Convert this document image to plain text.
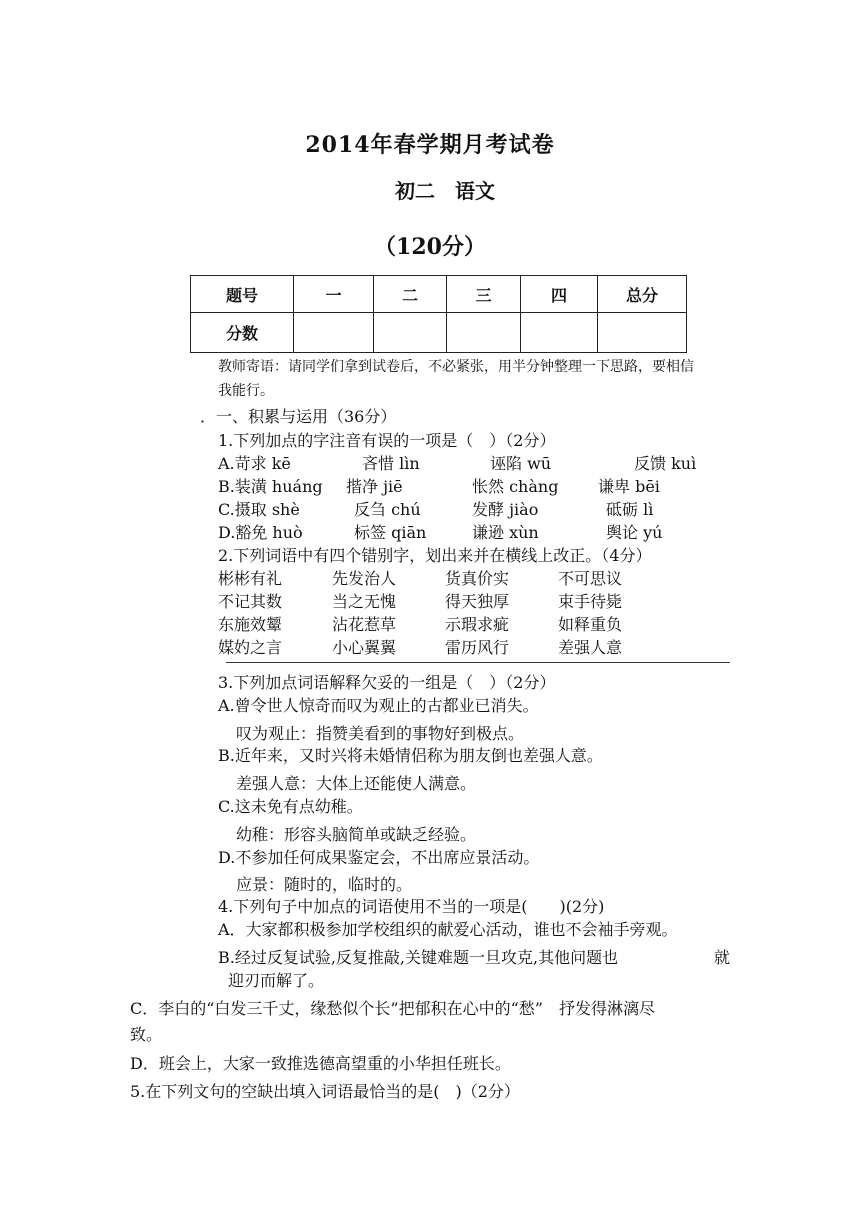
2014年春学期月考试卷
初二　语文
（120分）
题号	一	二	三	四	总分
分数					
教师寄语：请同学们拿到试卷后，不必紧张，用半分钟整理一下思路，要相信
我能行。
．一、积累与运用（36分）
1.下列加点的字注音有误的一项是（　）（2分）
A.苛求 kē	吝惜 lìn	诬陷 wū	反馈 kuì
B.装潢 huáng 揩净 jiē	怅然 chàng 谦卑 bēi
C.摄取 shè	反刍 chú	发酵 jiào	砥砺 lì
D.豁免 huò	标签 qiān	谦逊 xùn	舆论 yú
2.下列词语中有四个错别字，划出来并在横线上改正。（4分）
彬彬有礼	先发治人	货真价实	不可思议
不记其数	当之无愧	得天独厚	束手待毙
东施效颦	沾花惹草	示瑕求疵	如释重负
媒妁之言	小心翼翼	雷历风行	差强人意
3.下列加点词语解释欠妥的一组是（　）（2分）
A.曾令世人惊奇而叹为观止的古都业已消失。
叹为观止：指赞美看到的事物好到极点。
B.近年来，又时兴将未婚情侣称为朋友倒也差强人意。
差强人意：大体上还能使人满意。
C.这未免有点幼稚。
幼稚：形容头脑简单或缺乏经验。
D.不参加任何成果鉴定会，不出席应景活动。
应景：随时的，临时的。
4.下列句子中加点的词语使用不当的一项是(　　)(2分)
A．大家都积极参加学校组织的献爱心活动，谁也不会袖手旁观。
B.经过反复试验,反复推敲,关键难题一旦攻克,其他问题也	就
迎刃而解了。
C．李白的“白发三千丈，缘愁似个长”把郁积在心中的“愁”　抒发得淋漓尽
致。
D．班会上，大家一致推选德高望重的小华担任班长。
5.在下列文句的空缺出填入词语最恰当的是(　)（2分）
